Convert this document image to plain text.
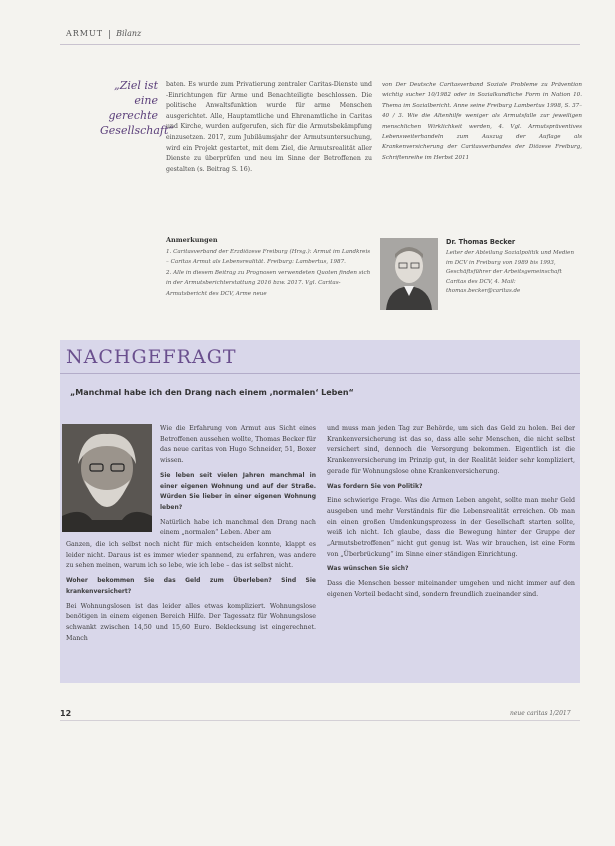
ARMUT Bilanz
„Ziel ist eine gerechte Gesellschaft“

baten. Es wurde zum Privatierung zentraler Caritas-Dienste und -Einrichtungen für Arme und Benachteiligte beschlossen. Die politische Anwaltsfunktion wurde für arme Menschen ausgerichtet. Alle, Hauptamtliche und Ehrenamtliche in Caritas und Kirche, wurden aufgerufen, sich für die Armutsbekämpfung einzusetzen. 2017, zum Jubiläumsjahr der Armutsuntersuchung, wird ein Projekt gestartet, mit dem Ziel, die Armutsrealität aller Dienste zu überprüfen und neu im Sinne der Betroffenen zu gestalten (s. Beitrag S. 16).

von Der Deutsche Caritasverband Soziale Probleme zu Prävention wichtig sucher 10/1982 oder in Sozialkundliche Form in Nation 10. Thema im Sozialbericht. Anne seine Freiburg Lambertus 1998, S. 37–40 / 3. Wie die Altenhilfe weniger als Armutsfalle zur jeweiligen menschlichen Wirklichkeit werden, 4. Vgl. Armutspräventives Lebensweiterhandeln zum Auszug der Auflage als Krankenversicherung der Caritasverbandes der Diözese Freiburg, Schriftenreihe im Herbst 2011

Anmerkungen
1. Caritasverband der Erzdiözese Freiburg (Hrsg.): Armut im Landkreis – Caritas Armut als Lebensrealität. Freiburg: Lambertus, 1987.
2. Alle in diesem Beitrag zu Prognosen verwendeten Quoten finden sich in der Armutsberichterstattung 2016 bzw. 2017. Vgl. Caritas-Armutsbericht des DCV, Arme neue
Dr. Thomas Becker
Leiter der Abteilung Sozialpolitik und Medien im DCV in Freiburg von 1989 bis 1993, Geschäftsführer der Arbeitsgemeinschaft Caritas des DCV, 4. Mail: thomas.becker@caritas.de
NACHGEFRAGT
„Manchmal habe ich den Drang nach einem ‚normalen‘ Leben“

Wie die Erfahrung von Armut aus Sicht eines Betroffenen aussehen wollte, Thomas Becker für das neue caritas von Hugo Schneider, 51, Boxer wissen.

Sie leben seit vielen Jahren manchmal in einer eigenen Wohnung und auf der Straße. Würden Sie lieber in einer eigenen Wohnung leben?

Natürlich habe ich manchmal den Drang nach einem „normalen“ Leben. Aber am

Ganzen, die ich selbst noch nicht für mich entscheiden konnte, klappt es leider nicht. Daraus ist es immer wieder spannend, zu erfahren, was andere zu sehen meinen, warum ich so lebe, wie ich lebe – das ist selbst nicht.

Woher bekommen Sie das Geld zum Überleben? Sind Sie krankenversichert?

Bei Wohnungslosen ist das leider alles etwas kompliziert. Wohnungslose benötigen in einem eigenen Bereich Hilfe. Der Tagessatz für Wohnungslose schwankt zwischen 14,50 und 15,60 Euro. Beklecksung ist eingerechnet. Manch

und muss man jeden Tag zur Behörde, um sich das Geld zu holen. Bei der Krankenversicherung ist das so, dass alle sehr Menschen, die nicht selbst versichert sind, dennoch die Versorgung bekommen. Eigentlich ist die Krankenversicherung im Prinzip gut, in der Realität leider sehr kompliziert, gerade für Wohnungslose ohne Krankenversicherung.

Was fordern Sie von Politik?

Eine schwierige Frage. Was die Armen Leben angeht, sollte man mehr Geld ausgeben und mehr Verständnis für die Lebensrealität erreichen. Ob man ein einen großen Umdenkungsprozess in der Gesellschaft starten sollte, weiß ich nicht. Ich glaube, dass die Bewegung hinter der Gruppe der „Armutsbetroffenen“ nicht gut genug ist. Was wir brauchen, ist eine Form von „Überbrückung“ im Sinne einer ständigen Einrichtung.

Was wünschen Sie sich?

Dass die Menschen besser miteinander umgehen und nicht immer auf den eigenen Vorteil bedacht sind, sondern freundlich zueinander sind.

12	neue caritas 1/2017
